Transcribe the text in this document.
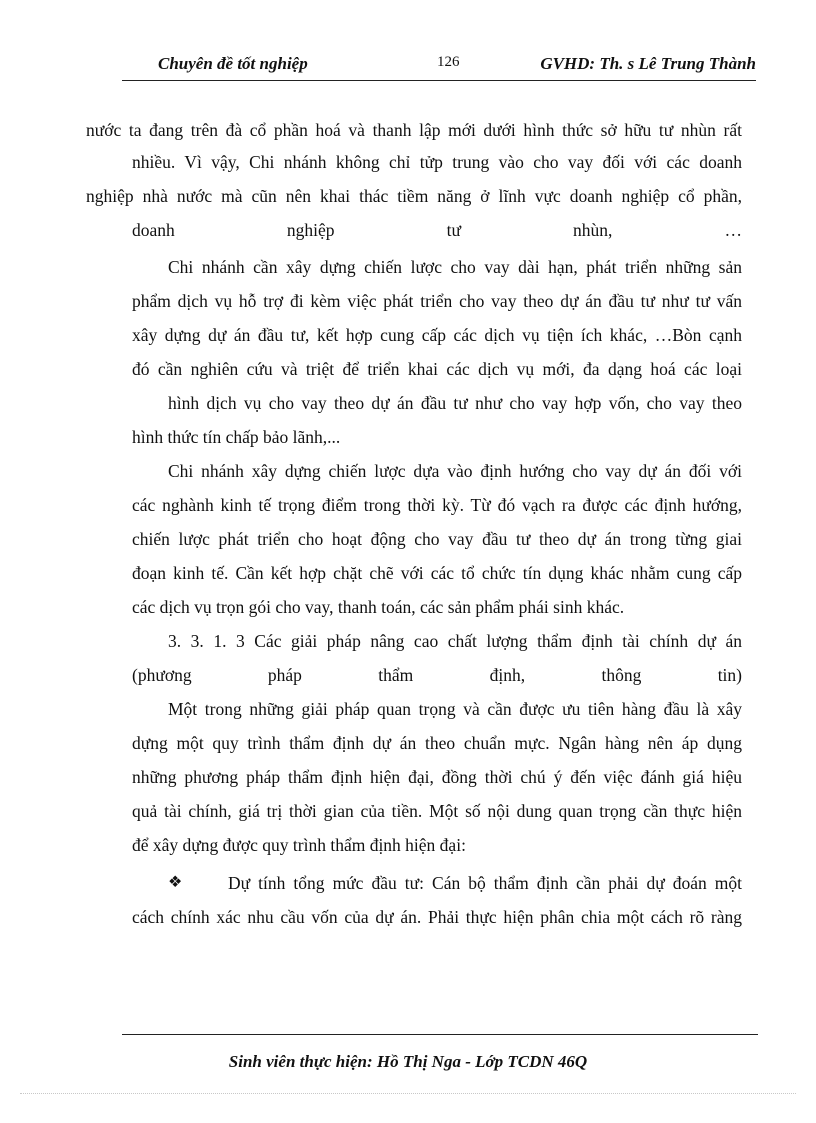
Chuyên đề tốt nghiệp	126	GVHD: Th. s Lê Trung Thành
nước ta đang trên đà cổ phần hoá và thanh lập mới dưới hình thức sở hữu tư nhùn rất
nhiều. Vì vậy, Chi nhánh không chỉ tửp trung vào cho vay đối với các doanh
nghiệp nhà nước mà cũn nên khai thác tiềm năng ở lĩnh vực doanh nghiệp cổ phần,
doanh nghiệp tư nhùn, …
Chi nhánh cần xây dựng chiến lược cho vay dài hạn, phát triển những sản
phẩm dịch vụ hỗ trợ đi kèm việc phát triển cho vay theo dự án đầu tư như tư vấn
xây dựng dự án đầu tư, kết hợp cung cấp các dịch vụ tiện ích khác, …Bòn cạnh
đó cần nghiên cứu và triệt để triển khai các dịch vụ mới, đa dạng hoá các loại
hình dịch vụ cho vay theo dự án đầu tư như cho vay hợp vốn, cho vay theo
hình thức tín chấp bảo lãnh,...
Chi nhánh xây dựng chiến lược dựa vào định hướng cho vay dự án đối với
các nghành kinh tế trọng điểm trong thời kỳ. Từ đó vạch ra được các định hướng,
chiến lược phát triển cho hoạt động cho vay đầu tư theo dự án trong từng giai
đoạn kinh tế. Cần kết hợp chặt chẽ với các tổ chức tín dụng khác nhằm cung cấp
các dịch vụ trọn gói cho vay, thanh toán, các sản phẩm phái sinh khác.
3. 3. 1. 3 Các giải pháp nâng cao chất lượng thẩm định tài chính dự án
(phương pháp thẩm định, thông tin)
Một trong những giải pháp quan trọng và cần được ưu tiên hàng đầu là xây
dựng một quy trình thẩm định dự án theo chuẩn mực. Ngân hàng nên áp dụng
những phương pháp thẩm định hiện đại, đồng thời chú ý đến việc đánh giá hiệu
quả tài chính, giá trị thời gian của tiền. Một số nội dung quan trọng cần thực hiện
để xây dựng được quy trình thẩm định hiện đại:
❖	Dự tính tổng mức đầu tư: Cán bộ thẩm định cần phải dự đoán một
cách chính xác nhu cầu vốn của dự án. Phải thực hiện phân chia một cách rõ ràng
Sinh viên thực hiện: Hồ Thị Nga - Lớp TCDN 46Q
